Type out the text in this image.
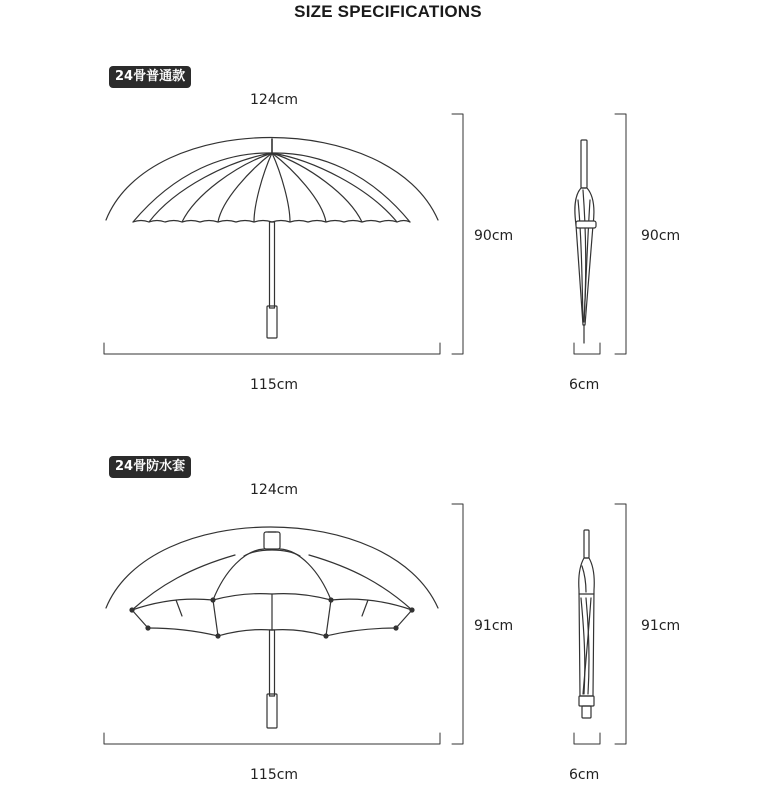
SIZE SPECIFICATIONS
24骨普通款
124cm
90cm	90cm
115cm	6cm
24骨防水套
124cm
91cm	91cm
115cm	6cm
